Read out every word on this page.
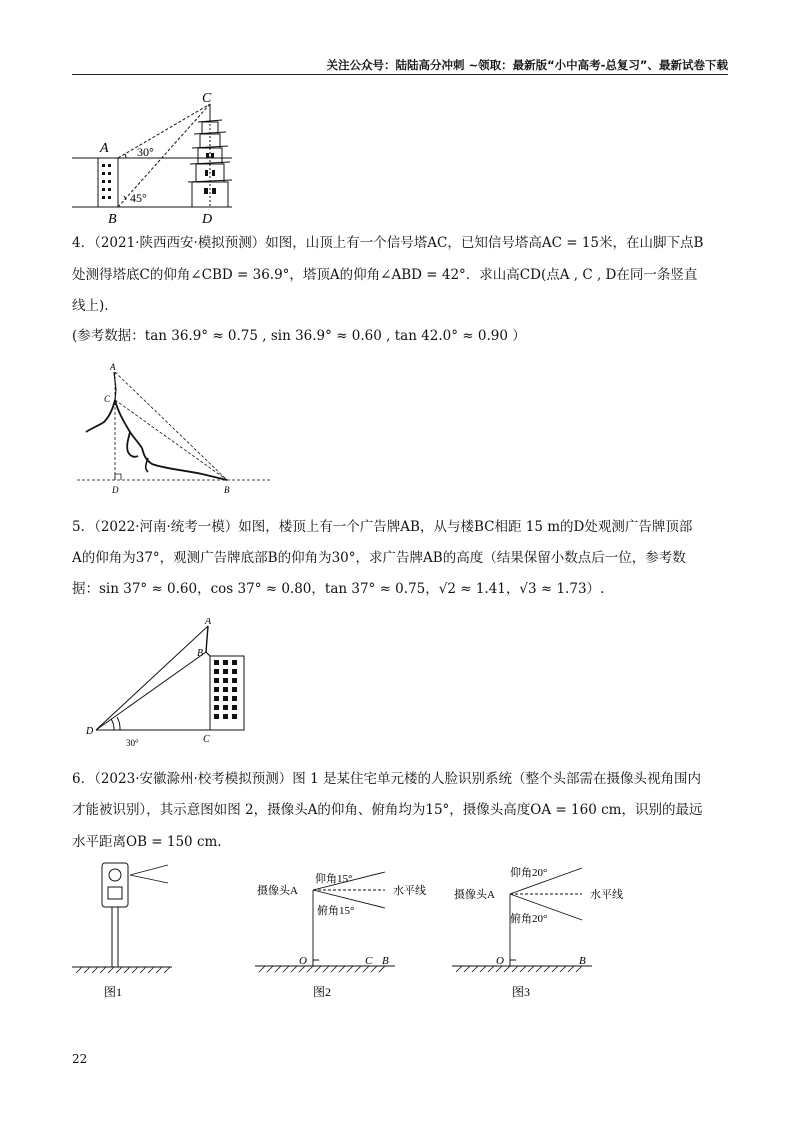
关注公众号：陆陆高分冲刺 ~领取：最新版“小中高考-总复习”、最新试卷下载
C
A 30°
45°
B	D
4．（2021·陕西西安·模拟预测）如图，山顶上有一个信号塔AC，已知信号塔高AC = 15米，在山脚下点B
处测得塔底C的仰角∠CBD = 36.9°，塔顶A的仰角∠ABD = 42°．求山高CD(点A , C , D在同一条竖直
线上).
(参考数据：tan 36.9° ≈ 0.75 , sin 36.9° ≈ 0.60 , tan 42.0° ≈ 0.90 ）
A
C
D	B
5．（2022·河南·统考一模）如图，楼顶上有一个广告牌AB，从与楼BC相距 15 m的D处观测广告牌顶部
A的仰角为37°，观测广告牌底部B的仰角为30°，求广告牌AB的高度（结果保留小数点后一位，参考数
据：sin 37° ≈ 0.60，cos 37° ≈ 0.80，tan 37° ≈ 0.75，√2 ≈ 1.41，√3 ≈ 1.73）.
A
B
D
C
30°
6．（2023·安徽滁州·校考模拟预测）图 1 是某住宅单元楼的人脸识别系统（整个头部需在摄像头视角围内
才能被识别），其示意图如图 2，摄像头A的仰角、俯角均为15°，摄像头高度OA = 160 cm，识别的最远
水平距离OB = 150 cm.
图1
仰角15°
摄像头A	水平线
俯角15°
O	C B
图2
仰角20°
摄像头A	水平线
俯角20°
O	B
图3
22
